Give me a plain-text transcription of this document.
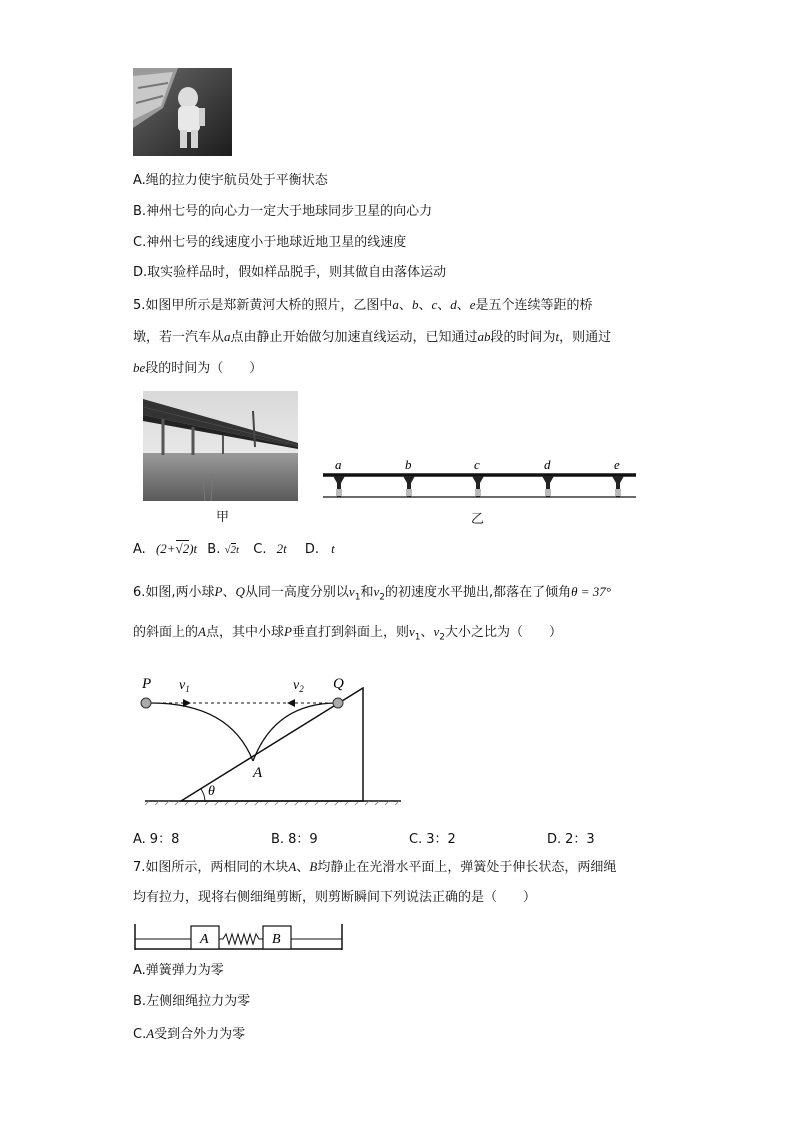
A.绳的拉力使宇航员处于平衡状态
B.神州七号的向心力一定大于地球同步卫星的向心力
C.神州七号的线速度小于地球近地卫星的线速度
D.取实验样品时，假如样品脱手，则其做自由落体运动
5.如图甲所示是郑新黄河大桥的照片，乙图中a、b、c、d、e是五个连续等距的桥
墩，若一汽车从a点由静止开始做匀加速直线运动，已知通过ab段的时间为t，则通过
be段的时间为（　　）
甲
a	b	c	d	e
乙
A. (2+√2)t B. √2t C. 2t D. t
6.如图,两小球P、Q从同一高度分别以$v_1$和$v_2$的初速度水平抛出,都落在了倾角θ = 37°
的斜面上的A点，其中小球P垂直打到斜面上，则$v_1$、$v_2$大小之比为（　　）
P	Q
$v_1$	$v_2$
A
θ
A. 9：8	B. 8：9	C. 3：2	D. 2：3
7.如图所示，两相同的木块A、B均静止在光滑水平面上，弹簧处于伸长状态，两细绳
均有拉力，现将右侧细绳剪断，则剪断瞬间下列说法正确的是（　　）
A	B
A.弹簧弹力为零
B.左侧细绳拉力为零
C.A受到合外力为零
